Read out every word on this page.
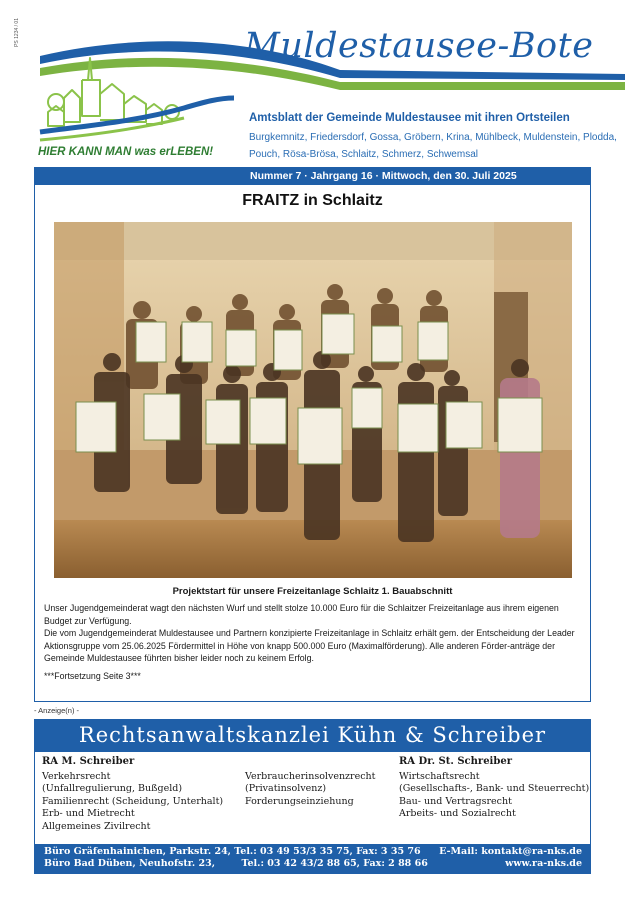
PS 1234 / 01	Muldestausee-Bote
HIER KANN MAN was erLEBEN!
Amtsblatt der Gemeinde Muldestausee mit ihren Ortsteilen
Burgkemnitz, Friedersdorf, Gossa, Gröbern, Krina, Mühlbeck, Muldenstein, Plodda, Pouch, Rösa-Brösa, Schlaitz, Schmerz, Schwemsal
Nummer 7 · Jahrgang 16 · Mittwoch, den 30. Juli 2025
FRAITZ in Schlaitz
Projektstart für unsere Freizeitanlage Schlaitz 1. Bauabschnitt

Unser Jugendgemeinderat wagt den nächsten Wurf und stellt stolze 10.000 Euro für die Schlaitzer Freizeitanlage aus ihrem eigenen Budget zur Verfügung.

Die vom Jugendgemeinderat Muldestausee und Partnern konzipierte Freizeitanlage in Schlaitz erhält gem. der Entscheidung der Leader Aktionsgruppe vom 25.06.2025 Fördermittel in Höhe von knapp 500.000 Euro (Maximalförderung). Alle anderen Förder-anträge der Gemeinde Muldestausee führten bisher leider noch zu keinem Erfolg.

***Fortsetzung Seite 3***
- Anzeige(n) -
Rechtsanwaltskanzlei Kühn & Schreiber
RA M. Schreiber
Verkehrsrecht
(Unfallregulierung, Bußgeld)
Familienrecht (Scheidung, Unterhalt)
Erb- und Mietrecht
Allgemeines Zivilrecht
Verbraucherinsolvenzrecht
(Privatinsolvenz)
Forderungseinziehung
RA Dr. St. Schreiber
Wirtschaftsrecht
(Gesellschafts-, Bank- und Steuerrecht)
Bau- und Vertragsrecht
Arbeits- und Sozialrecht
Büro Gräfenhainichen, Parkstr. 24, Tel.: 03 49 53/3 35 75, Fax: 3 35 76
Büro Bad Düben, Neuhofstr. 23,        Tel.: 03 42 43/2 88 65, Fax: 2 88 66
E-Mail: kontakt@ra-nks.de
www.ra-nks.de
